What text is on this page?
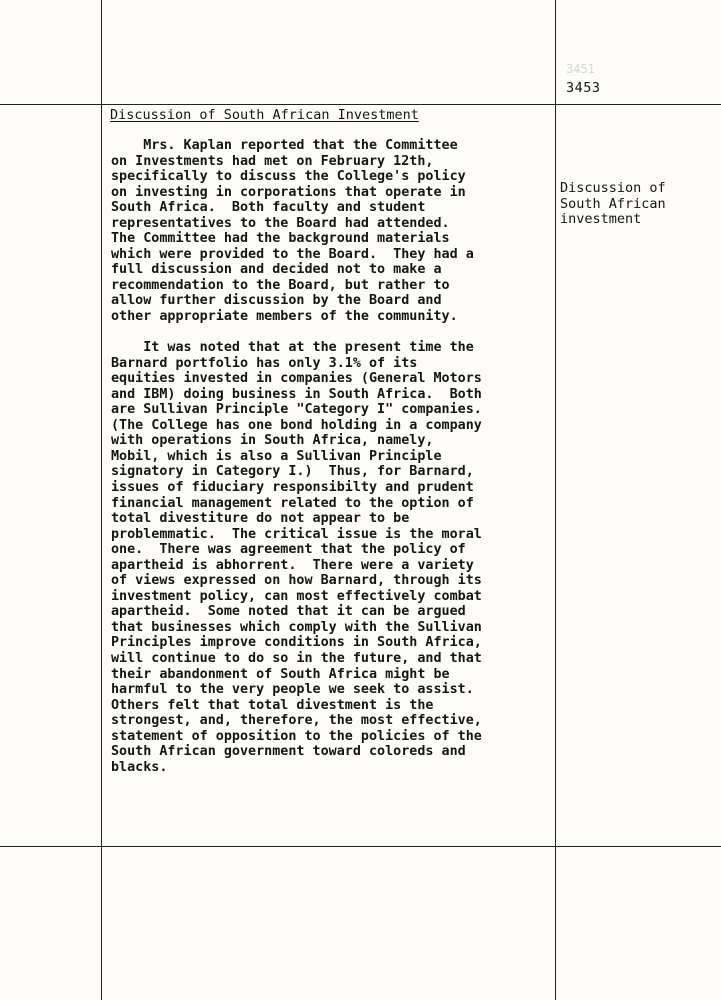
3451
3453
Discussion of South African Investment

Mrs. Kaplan reported that the Committee
on Investments had met on February 12th,
specifically to discuss the College's policy
on investing in corporations that operate in
South Africa.  Both faculty and student
representatives to the Board had attended.
The Committee had the background materials
which were provided to the Board.  They had a
full discussion and decided not to make a
recommendation to the Board, but rather to
allow further discussion by the Board and
other appropriate members of the community.

It was noted that at the present time the
Barnard portfolio has only 3.1% of its
equities invested in companies (General Motors
and IBM) doing business in South Africa.  Both
are Sullivan Principle "Category I" companies.
(The College has one bond holding in a company
with operations in South Africa, namely,
Mobil, which is also a Sullivan Principle
signatory in Category I.)  Thus, for Barnard,
issues of fiduciary responsibilty and prudent
financial management related to the option of
total divestiture do not appear to be
problemmatic.  The critical issue is the moral
one.  There was agreement that the policy of
apartheid is abhorrent.  There were a variety
of views expressed on how Barnard, through its
investment policy, can most effectively combat
apartheid.  Some noted that it can be argued
that businesses which comply with the Sullivan
Principles improve conditions in South Africa,
will continue to do so in the future, and that
their abandonment of South Africa might be
harmful to the very people we seek to assist.
Others felt that total divestment is the
strongest, and, therefore, the most effective,
statement of opposition to the policies of the
South African government toward coloreds and
blacks.

Discussion of
South African
investment
